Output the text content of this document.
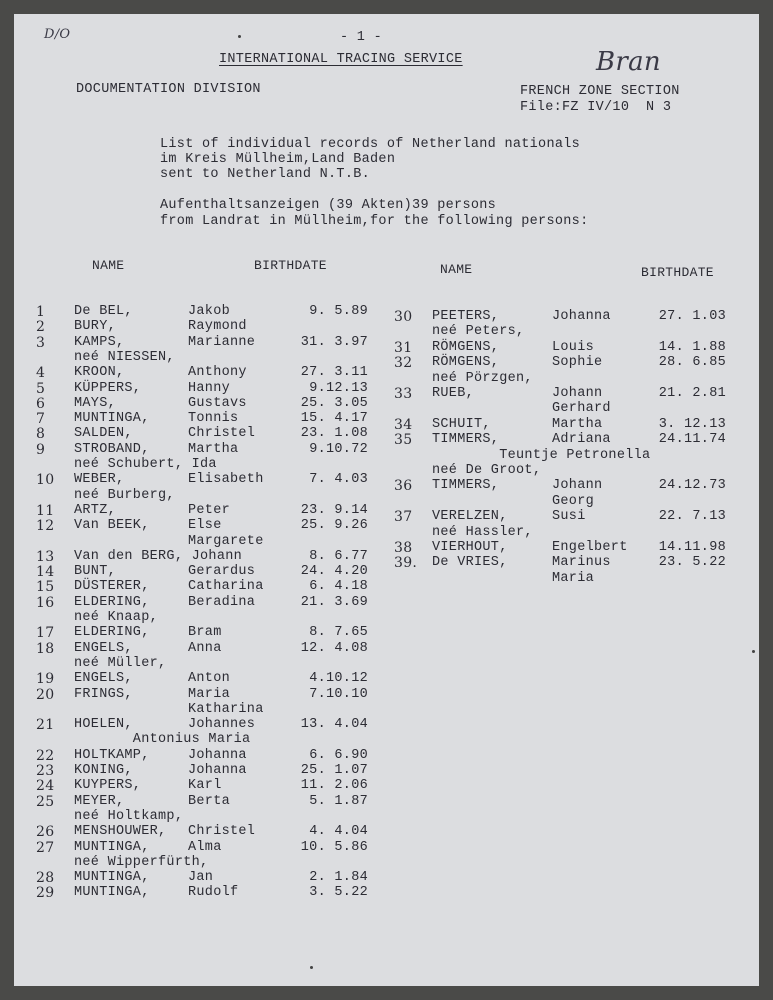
D/O	- 1 -
INTERNATIONAL TRACING SERVICE	Bran
DOCUMENTATION DIVISION	FRENCH ZONE SECTION
File:FZ IV/10  N 3
List of individual records of Netherland nationals
im Kreis Müllheim,Land Baden
sent to Netherland N.T.B.
Aufenthaltsanzeigen (39 Akten)39 persons
from Landrat in Müllheim,for the following persons:
NAME	BIRTHDATE	NAME	BIRTHDATE
1 De BEL,	Jakob	9. 5.89
2 BURY,	Raymond
3 KAMPS,	Marianne	31. 3.97
neé NIESSEN,
4 KROON,	Anthony	27. 3.11
5 KÜPPERS,	Hanny	9.12.13
6 MAYS,	Gustavs	25. 3.05
7 MUNTINGA,	Tonnis	15. 4.17
8 SALDEN,	Christel	23. 1.08
9 STROBAND,	Martha	9.10.72
neé Schubert, Ida
10 WEBER,	Elisabeth	7. 4.03
neé Burberg,
11 ARTZ,	Peter	23. 9.14
12 Van BEEK,	Else	25. 9.26
Margarete
13 Van den BERG, Johann	8. 6.77
14 BUNT,	Gerardus	24. 4.20
15 DÜSTERER,	Catharina	6. 4.18
16 ELDERING,	Beradina	21. 3.69
neé Knaap,
17 ELDERING,	Bram	8. 7.65
18 ENGELS,	Anna	12. 4.08
neé Müller,
19 ENGELS,	Anton	4.10.12
20 FRINGS,	Maria	7.10.10
Katharina
21 HOELEN,	Johannes	13. 4.04
Antonius Maria
22 HOLTKAMP,	Johanna	6. 6.90
23 KONING,	Johanna	25. 1.07
24 KUYPERS,	Karl	11. 2.06
25 MEYER,	Berta	5. 1.87
neé Holtkamp,
26 MENSHOUWER, Christel	4. 4.04
27 MUNTINGA,	Alma	10. 5.86
neé Wipperfürth,
28 MUNTINGA,	Jan	2. 1.84
29 MUNTINGA,	Rudolf	3. 5.22
30 PEETERS,	Johanna	27. 1.03
neé Peters,
31 RÖMGENS,	Louis	14. 1.88
32 RÖMGENS,	Sophie	28. 6.85
neé Pörzgen,
33 RUEB,	Johann	21. 2.81
Gerhard
34 SCHUIT,	Martha	3. 12.13
35 TIMMERS,	Adriana	24.11.74
Teuntje Petronella
neé De Groot,
36 TIMMERS,	Johann	24.12.73
Georg
37 VERELZEN,	Susi	22. 7.13
neé Hassler,
38 VIERHOUT,	Engelbert	14.11.98
39. De VRIES,	Marinus	23. 5.22
Maria
